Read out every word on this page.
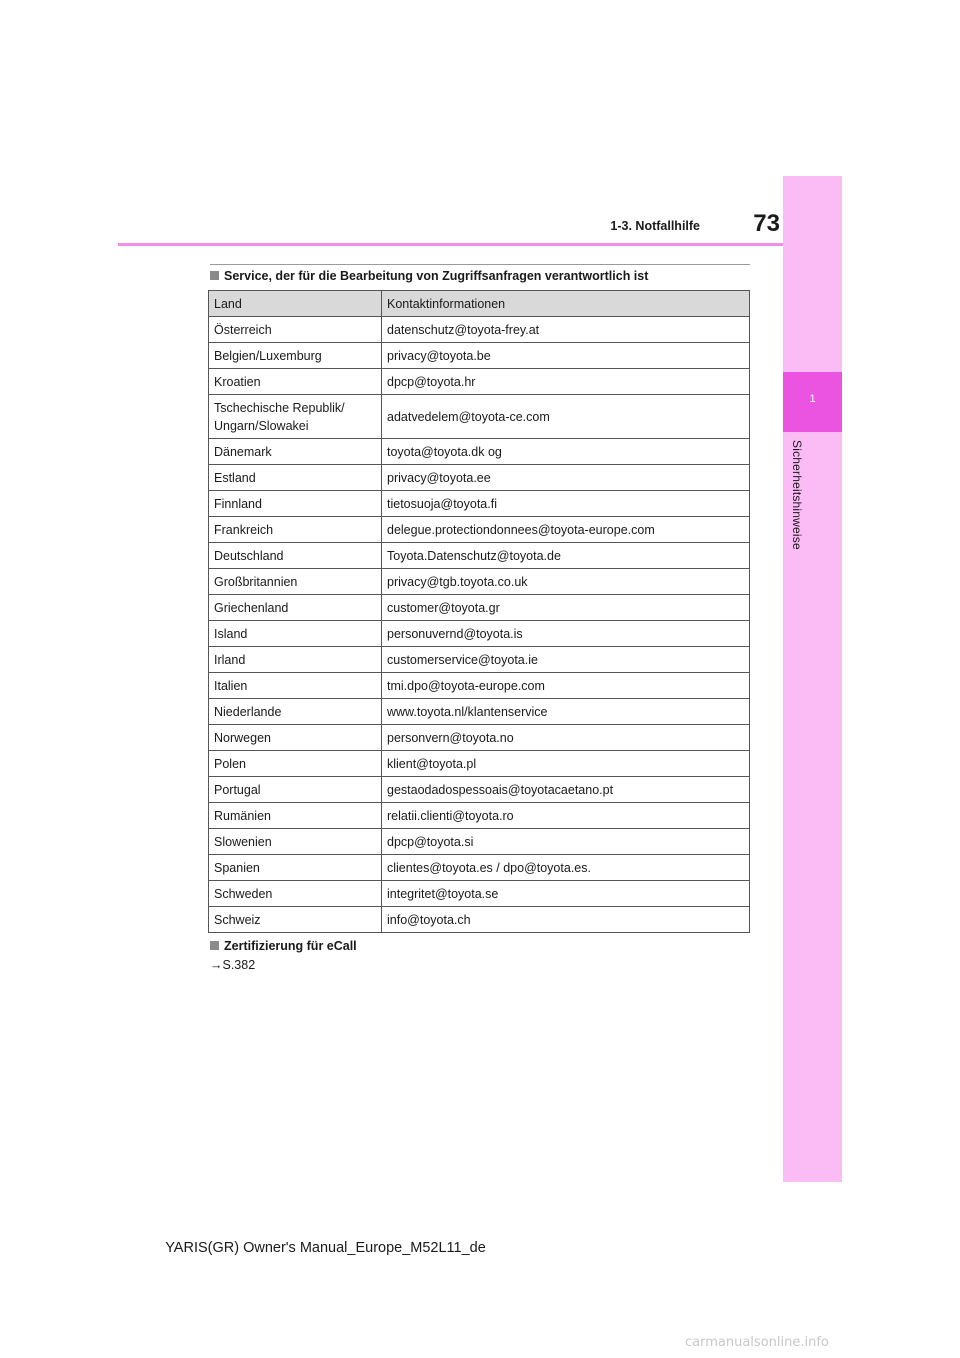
1
Sicherheitshinweise
73
1-3. Notfallhilfe
Service, der für die Bearbeitung von Zugriffsanfragen verantwortlich ist
Land	Kontaktinformationen
Österreich	datenschutz@toyota-frey.at
Belgien/Luxemburg	privacy@toyota.be
Kroatien	dpcp@toyota.hr

Tschechische Republik/
Ungarn/Slowakei	adatvedelem@toyota-ce.com
Dänemark	toyota@toyota.dk og
Estland	privacy@toyota.ee
Finnland	tietosuoja@toyota.fi
Frankreich	delegue.protectiondonnees@toyota-europe.com
Deutschland	Toyota.Datenschutz@toyota.de
Großbritannien	privacy@tgb.toyota.co.uk
Griechenland	customer@toyota.gr
Island	personuvernd@toyota.is
Irland	customerservice@toyota.ie
Italien	tmi.dpo@toyota-europe.com
Niederlande	www.toyota.nl/klantenservice
Norwegen	personvern@toyota.no
Polen	klient@toyota.pl
Portugal	gestaodadospessoais@toyotacaetano.pt
Rumänien	relatii.clienti@toyota.ro
Slowenien	dpcp@toyota.si
Spanien	clientes@toyota.es / dpo@toyota.es.
Schweden	integritet@toyota.se
Schweiz	info@toyota.ch
Zertifizierung für eCall
→S.382
YARIS(GR) Owner's Manual_Europe_M52L11_de
carmanualsonline.info
